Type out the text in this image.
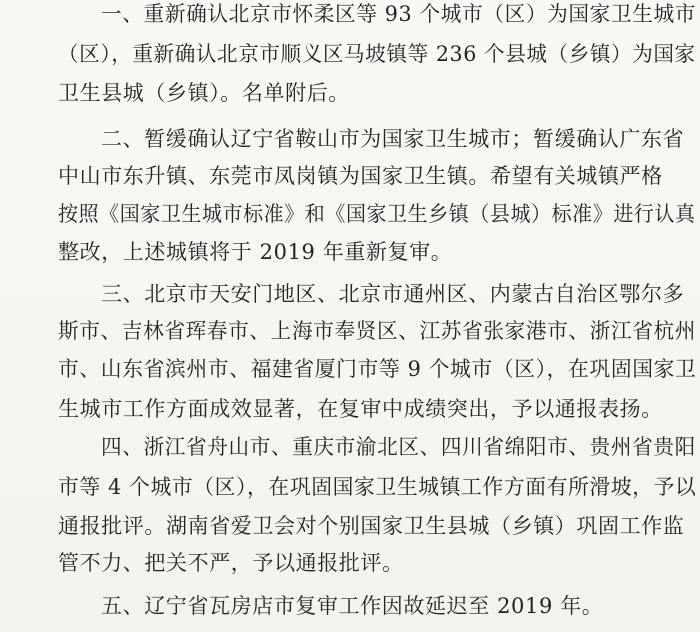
一、重新确认北京市怀柔区等 93 个城市（区）为国家卫生城市
（区），重新确认北京市顺义区马坡镇等 236 个县城（乡镇）为国家
卫生县城（乡镇）。名单附后。
二、暂缓确认辽宁省鞍山市为国家卫生城市；暂缓确认广东省
中山市东升镇、东莞市凤岗镇为国家卫生镇。希望有关城镇严格
按照《国家卫生城市标准》和《国家卫生乡镇（县城）标准》进行认真
整改，上述城镇将于 2019 年重新复审。
三、北京市天安门地区、北京市通州区、内蒙古自治区鄂尔多
斯市、吉林省珲春市、上海市奉贤区、江苏省张家港市、浙江省杭州
市、山东省滨州市、福建省厦门市等 9 个城市（区），在巩固国家卫
生城市工作方面成效显著，在复审中成绩突出，予以通报表扬。
四、浙江省舟山市、重庆市渝北区、四川省绵阳市、贵州省贵阳
市等 4 个城市（区），在巩固国家卫生城镇工作方面有所滑坡，予以
通报批评。湖南省爱卫会对个别国家卫生县城（乡镇）巩固工作监
管不力、把关不严，予以通报批评。
五、辽宁省瓦房店市复审工作因故延迟至 2019 年。
